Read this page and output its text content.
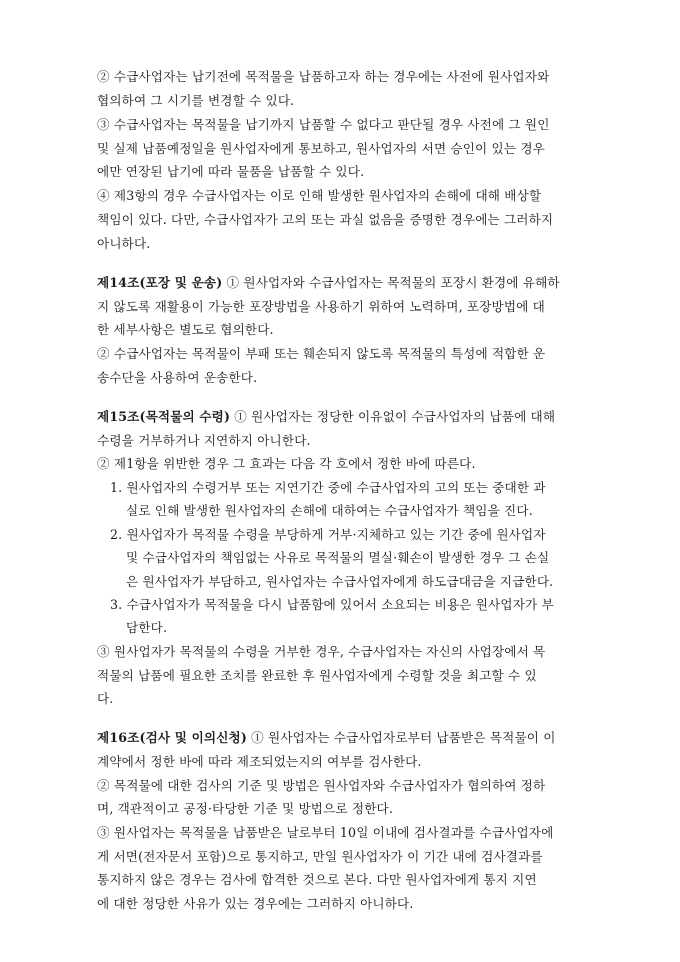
② 수급사업자는 납기전에 목적물을 납품하고자 하는 경우에는 사전에 원사업자와
협의하여 그 시기를 변경할 수 있다.
③ 수급사업자는 목적물을 납기까지 납품할 수 없다고 판단될 경우 사전에 그 원인
및 실제 납품예정일을 원사업자에게 통보하고, 원사업자의 서면 승인이 있는 경우
에만 연장된 납기에 따라 물품을 납품할 수 있다.
④ 제3항의 경우 수급사업자는 이로 인해 발생한 원사업자의 손해에 대해 배상할
책임이 있다. 다만, 수급사업자가 고의 또는 과실 없음을 증명한 경우에는 그러하지
아니하다.
제14조(포장 및 운송) ① 원사업자와 수급사업자는 목적물의 포장시 환경에 유해하
지 않도록 재활용이 가능한 포장방법을 사용하기 위하여 노력하며, 포장방법에 대
한 세부사항은 별도로 협의한다.
② 수급사업자는 목적물이 부패 또는 훼손되지 않도록 목적물의 특성에 적합한 운
송수단을 사용하여 운송한다.
제15조(목적물의 수령) ① 원사업자는 정당한 이유없이 수급사업자의 납품에 대해
수령을 거부하거나 지연하지 아니한다.
② 제1항을 위반한 경우 그 효과는 다음 각 호에서 정한 바에 따른다.
1. 원사업자의 수령거부 또는 지연기간 중에 수급사업자의 고의 또는 중대한 과
실로 인해 발생한 원사업자의 손해에 대하여는 수급사업자가 책임을 진다.
2. 원사업자가 목적물 수령을 부당하게 거부·지체하고 있는 기간 중에 원사업자
및 수급사업자의 책임없는 사유로 목적물의 멸실·훼손이 발생한 경우 그 손실
은 원사업자가 부담하고, 원사업자는 수급사업자에게 하도급대금을 지급한다.
3. 수급사업자가 목적물을 다시 납품함에 있어서 소요되는 비용은 원사업자가 부
담한다.
③ 원사업자가 목적물의 수령을 거부한 경우, 수급사업자는 자신의 사업장에서 목
적물의 납품에 필요한 조치를 완료한 후 원사업자에게 수령할 것을 최고할 수 있
다.
제16조(검사 및 이의신청) ① 원사업자는 수급사업자로부터 납품받은 목적물이 이
계약에서 정한 바에 따라 제조되었는지의 여부를 검사한다.
② 목적물에 대한 검사의 기준 및 방법은 원사업자와 수급사업자가 협의하여 정하
며, 객관적이고 공정·타당한 기준 및 방법으로 정한다.
③ 원사업자는 목적물을 납품받은 날로부터 10일 이내에 검사결과를 수급사업자에
게 서면(전자문서 포함)으로 통지하고, 만일 원사업자가 이 기간 내에 검사결과를
통지하지 않은 경우는 검사에 합격한 것으로 본다. 다만 원사업자에게 통지 지연
에 대한 정당한 사유가 있는 경우에는 그러하지 아니하다.
